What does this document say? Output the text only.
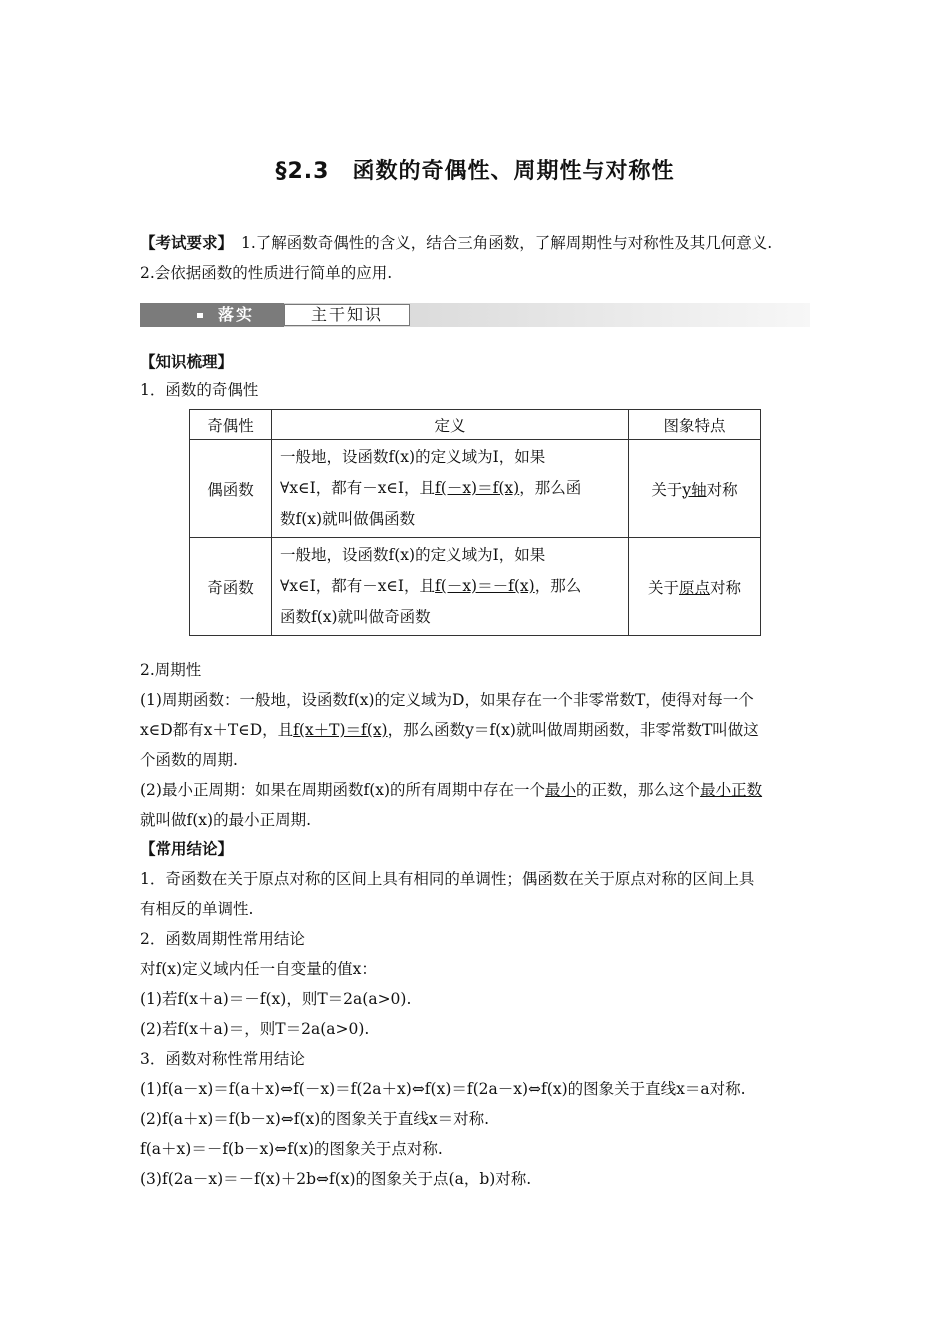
§2.3　函数的奇偶性、周期性与对称性
【考试要求】 1.了解函数奇偶性的含义，结合三角函数，了解周期性与对称性及其几何意义.
2.会依据函数的性质进行简单的应用.
落实	主干知识
【知识梳理】
1．函数的奇偶性
奇偶性	定义	图象特点
偶函数	一般地，设函数f(x)的定义域为I，如果
∀x∈I，都有－x∈I，且f(－x)＝f(x)，那么函
数f(x)就叫做偶函数	关于y轴对称
奇函数	一般地，设函数f(x)的定义域为I，如果
∀x∈I，都有－x∈I，且f(－x)＝－f(x)，那么
函数f(x)就叫做奇函数	关于原点对称
2.周期性
(1)周期函数：一般地，设函数f(x)的定义域为D，如果存在一个非零常数T，使得对每一个
x∈D都有x＋T∈D，且f(x＋T)＝f(x)，那么函数y＝f(x)就叫做周期函数，非零常数T叫做这
个函数的周期.
(2)最小正周期：如果在周期函数f(x)的所有周期中存在一个最小的正数，那么这个最小正数
就叫做f(x)的最小正周期.
【常用结论】
1．奇函数在关于原点对称的区间上具有相同的单调性；偶函数在关于原点对称的区间上具
有相反的单调性.
2．函数周期性常用结论
对f(x)定义域内任一自变量的值x：
(1)若f(x＋a)＝－f(x)，则T＝2a(a>0).
(2)若f(x＋a)＝，则T＝2a(a>0).
3．函数对称性常用结论
(1)f(a－x)＝f(a＋x)⇔f(－x)＝f(2a＋x)⇔f(x)＝f(2a－x)⇔f(x)的图象关于直线x＝a对称.
(2)f(a＋x)＝f(b－x)⇔f(x)的图象关于直线x＝对称.
f(a＋x)＝－f(b－x)⇔f(x)的图象关于点对称.
(3)f(2a－x)＝－f(x)＋2b⇔f(x)的图象关于点(a，b)对称.
